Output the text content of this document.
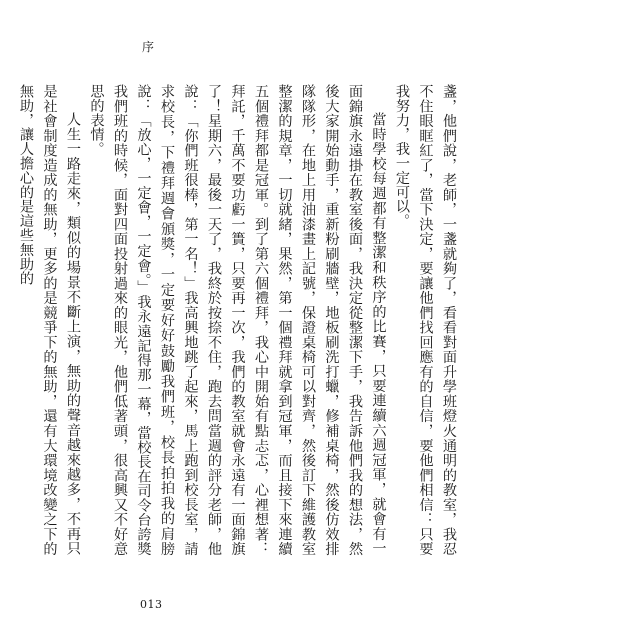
序

盞，他們說，老師，一盞就夠了，看看對面升學班燈火通明的教室，我忍不住眼眶紅了，當下決定，要讓他們找回應有的自信，要他們相信：只要我努力，我一定可以。

當時學校每週都有整潔和秩序的比賽，只要連續六週冠軍，就會有一面錦旗永遠掛在教室後面，我決定從整潔下手，我告訴他們我的想法，然後大家開始動手，重新粉刷牆壁，地板刷洗打蠟，修補桌椅，然後仿效排隊隊形，在地上用油漆畫上記號，保證桌椅可以對齊，然後訂下維護教室整潔的規章，一切就緒，果然，第一個禮拜就拿到冠軍，而且接下來連續五個禮拜都是冠軍。到了第六個禮拜，我心中開始有點忐忑，心裡想著：拜託，千萬不要功虧一簣，只要再一次，我們的教室就會永遠有一面錦旗了！星期六，最後一天了，我終於按捺不住，跑去問當週的評分老師，他說：「你們班很棒，第一名！」我高興地跳了起來，馬上跑到校長室，請求校長，下禮拜週會頒獎，一定要好好鼓勵我們班，校長拍拍我的肩膀說：「放心，一定會，一定會。」我永遠記得那一幕，當校長在司令台誇獎我們班的時候，面對四面投射過來的眼光，他們低著頭，很高興又不好意思的表情。

人生一路走來，類似的場景不斷上演，無助的聲音越來越多，不再只是社會制度造成的無助，更多的是競爭下的無助，還有大環境改變之下的無助，讓人擔心的是這些無助的

013
